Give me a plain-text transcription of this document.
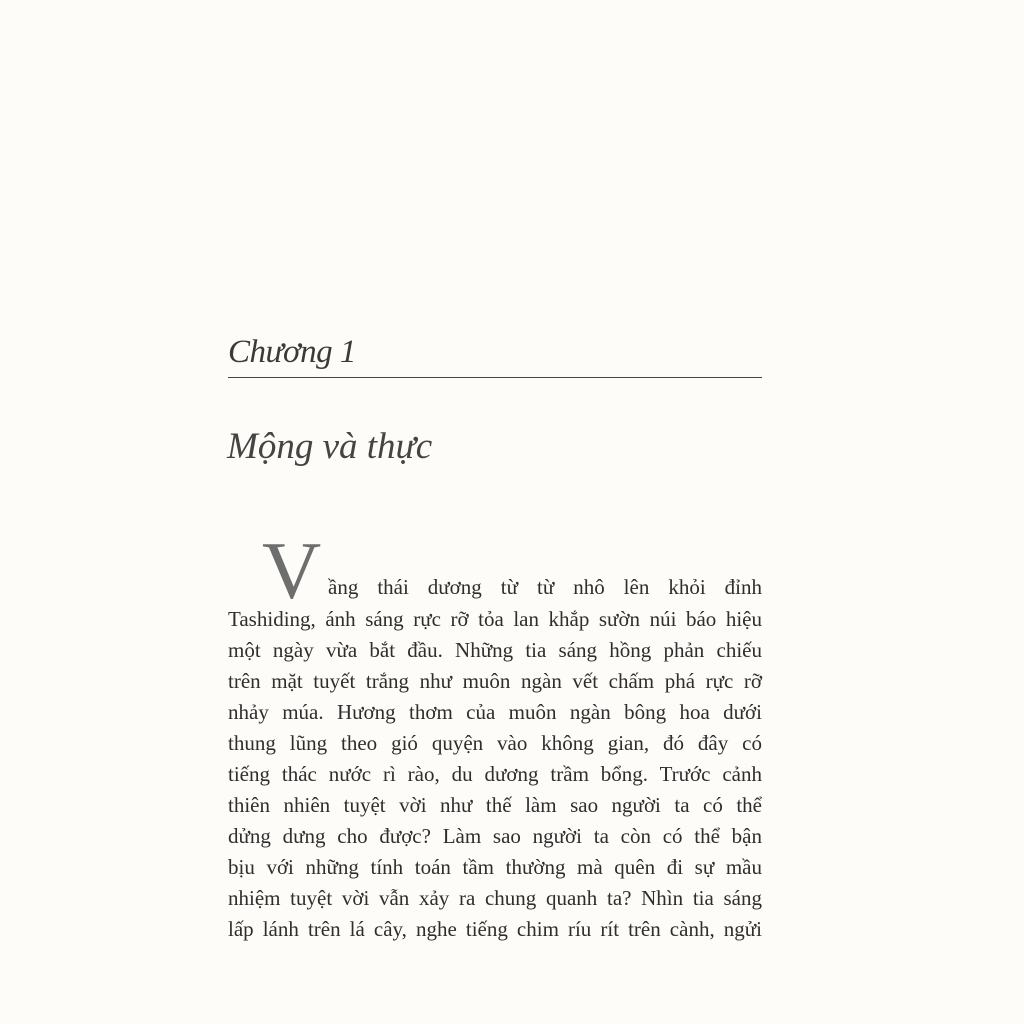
Chương 1
Mộng và thực
V ầng thái dương từ từ nhô lên khỏi đỉnh
Tashiding, ánh sáng rực rỡ tỏa lan khắp sườn núi báo hiệu
một ngày vừa bắt đầu. Những tia sáng hồng phản chiếu
trên mặt tuyết trắng như muôn ngàn vết chấm phá rực rỡ
nhảy múa. Hương thơm của muôn ngàn bông hoa dưới
thung lũng theo gió quyện vào không gian, đó đây có
tiếng thác nước rì rào, du dương trầm bổng. Trước cảnh
thiên nhiên tuyệt vời như thế làm sao người ta có thể
dửng dưng cho được? Làm sao người ta còn có thể bận
bịu với những tính toán tầm thường mà quên đi sự mầu
nhiệm tuyệt vời vẫn xảy ra chung quanh ta? Nhìn tia sáng
lấp lánh trên lá cây, nghe tiếng chim ríu rít trên cành, ngửi
